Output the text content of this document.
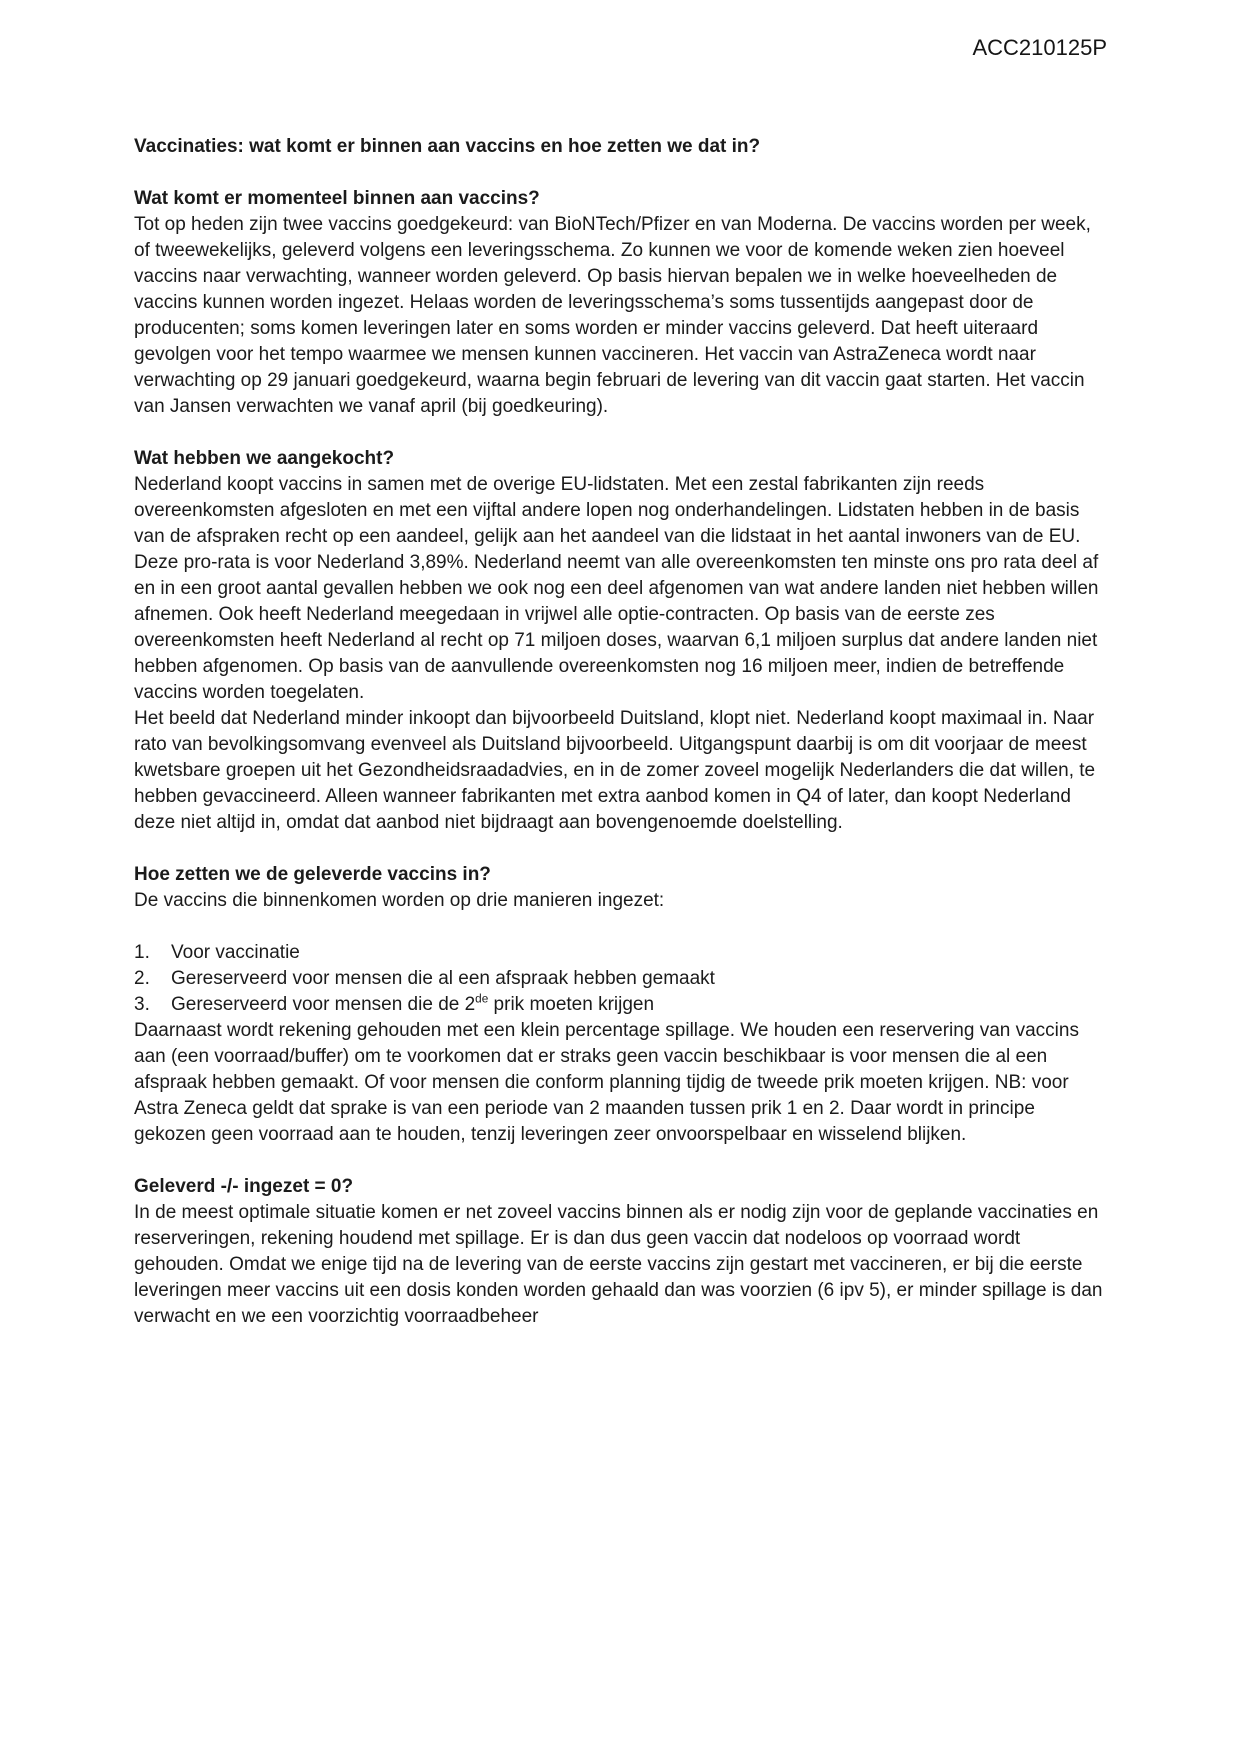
ACC210125P
Vaccinaties: wat komt er binnen aan vaccins en hoe zetten we dat in?
Wat komt er momenteel binnen aan vaccins?

Tot op heden zijn twee vaccins goedgekeurd: van BioNTech/Pfizer en van Moderna. De vaccins worden per week, of tweewekelijks, geleverd volgens een leveringsschema. Zo kunnen we voor de komende weken zien hoeveel vaccins naar verwachting, wanneer worden geleverd. Op basis hiervan bepalen we in welke hoeveelheden de vaccins kunnen worden ingezet. Helaas worden de leveringsschema’s soms tussentijds aangepast door de producenten; soms komen leveringen later en soms worden er minder vaccins geleverd. Dat heeft uiteraard gevolgen voor het tempo waarmee we mensen kunnen vaccineren. Het vaccin van AstraZeneca wordt naar verwachting op 29 januari goedgekeurd, waarna begin februari de levering van dit vaccin gaat starten. Het vaccin van Jansen verwachten we vanaf april (bij goedkeuring).

Wat hebben we aangekocht?

Nederland koopt vaccins in samen met de overige EU-lidstaten. Met een zestal fabrikanten zijn reeds overeenkomsten afgesloten en met een vijftal andere lopen nog onderhandelingen. Lidstaten hebben in de basis van de afspraken recht op een aandeel, gelijk aan het aandeel van die lidstaat in het aantal inwoners van de EU. Deze pro-rata is voor Nederland 3,89%. Nederland neemt van alle overeenkomsten ten minste ons pro rata deel af en in een groot aantal gevallen hebben we ook nog een deel afgenomen van wat andere landen niet hebben willen afnemen. Ook heeft Nederland meegedaan in vrijwel alle optie-contracten. Op basis van de eerste zes overeenkomsten heeft Nederland al recht op 71 miljoen doses, waarvan 6,1 miljoen surplus dat andere landen niet hebben afgenomen. Op basis van de aanvullende overeenkomsten nog 16 miljoen meer, indien de betreffende vaccins worden toegelaten.

Het beeld dat Nederland minder inkoopt dan bijvoorbeeld Duitsland, klopt niet. Nederland koopt maximaal in. Naar rato van bevolkingsomvang evenveel als Duitsland bijvoorbeeld. Uitgangspunt daarbij is om dit voorjaar de meest kwetsbare groepen uit het Gezondheidsraadadvies, en in de zomer zoveel mogelijk Nederlanders die dat willen, te hebben gevaccineerd. Alleen wanneer fabrikanten met extra aanbod komen in Q4 of later, dan koopt Nederland deze niet altijd in, omdat dat aanbod niet bijdraagt aan bovengenoemde doelstelling.

Hoe zetten we de geleverde vaccins in?

De vaccins die binnenkomen worden op drie manieren ingezet:

1.	Voor vaccinatie
2.	Gereserveerd voor mensen die al een afspraak hebben gemaakt
3.	Gereserveerd voor mensen die de 2de prik moeten krijgen

Daarnaast wordt rekening gehouden met een klein percentage spillage. We houden een reservering van vaccins aan (een voorraad/buffer) om te voorkomen dat er straks geen vaccin beschikbaar is voor mensen die al een afspraak hebben gemaakt. Of voor mensen die conform planning tijdig de tweede prik moeten krijgen. NB: voor Astra Zeneca geldt dat sprake is van een periode van 2 maanden tussen prik 1 en 2. Daar wordt in principe gekozen geen voorraad aan te houden, tenzij leveringen zeer onvoorspelbaar en wisselend blijken.

Geleverd -/- ingezet = 0?

In de meest optimale situatie komen er net zoveel vaccins binnen als er nodig zijn voor de geplande vaccinaties en reserveringen, rekening houdend met spillage. Er is dan dus geen vaccin dat nodeloos op voorraad wordt gehouden. Omdat we enige tijd na de levering van de eerste vaccins zijn gestart met vaccineren, er bij die eerste leveringen meer vaccins uit een dosis konden worden gehaald dan was voorzien (6 ipv 5), er minder spillage is dan verwacht en we een voorzichtig voorraadbeheer
